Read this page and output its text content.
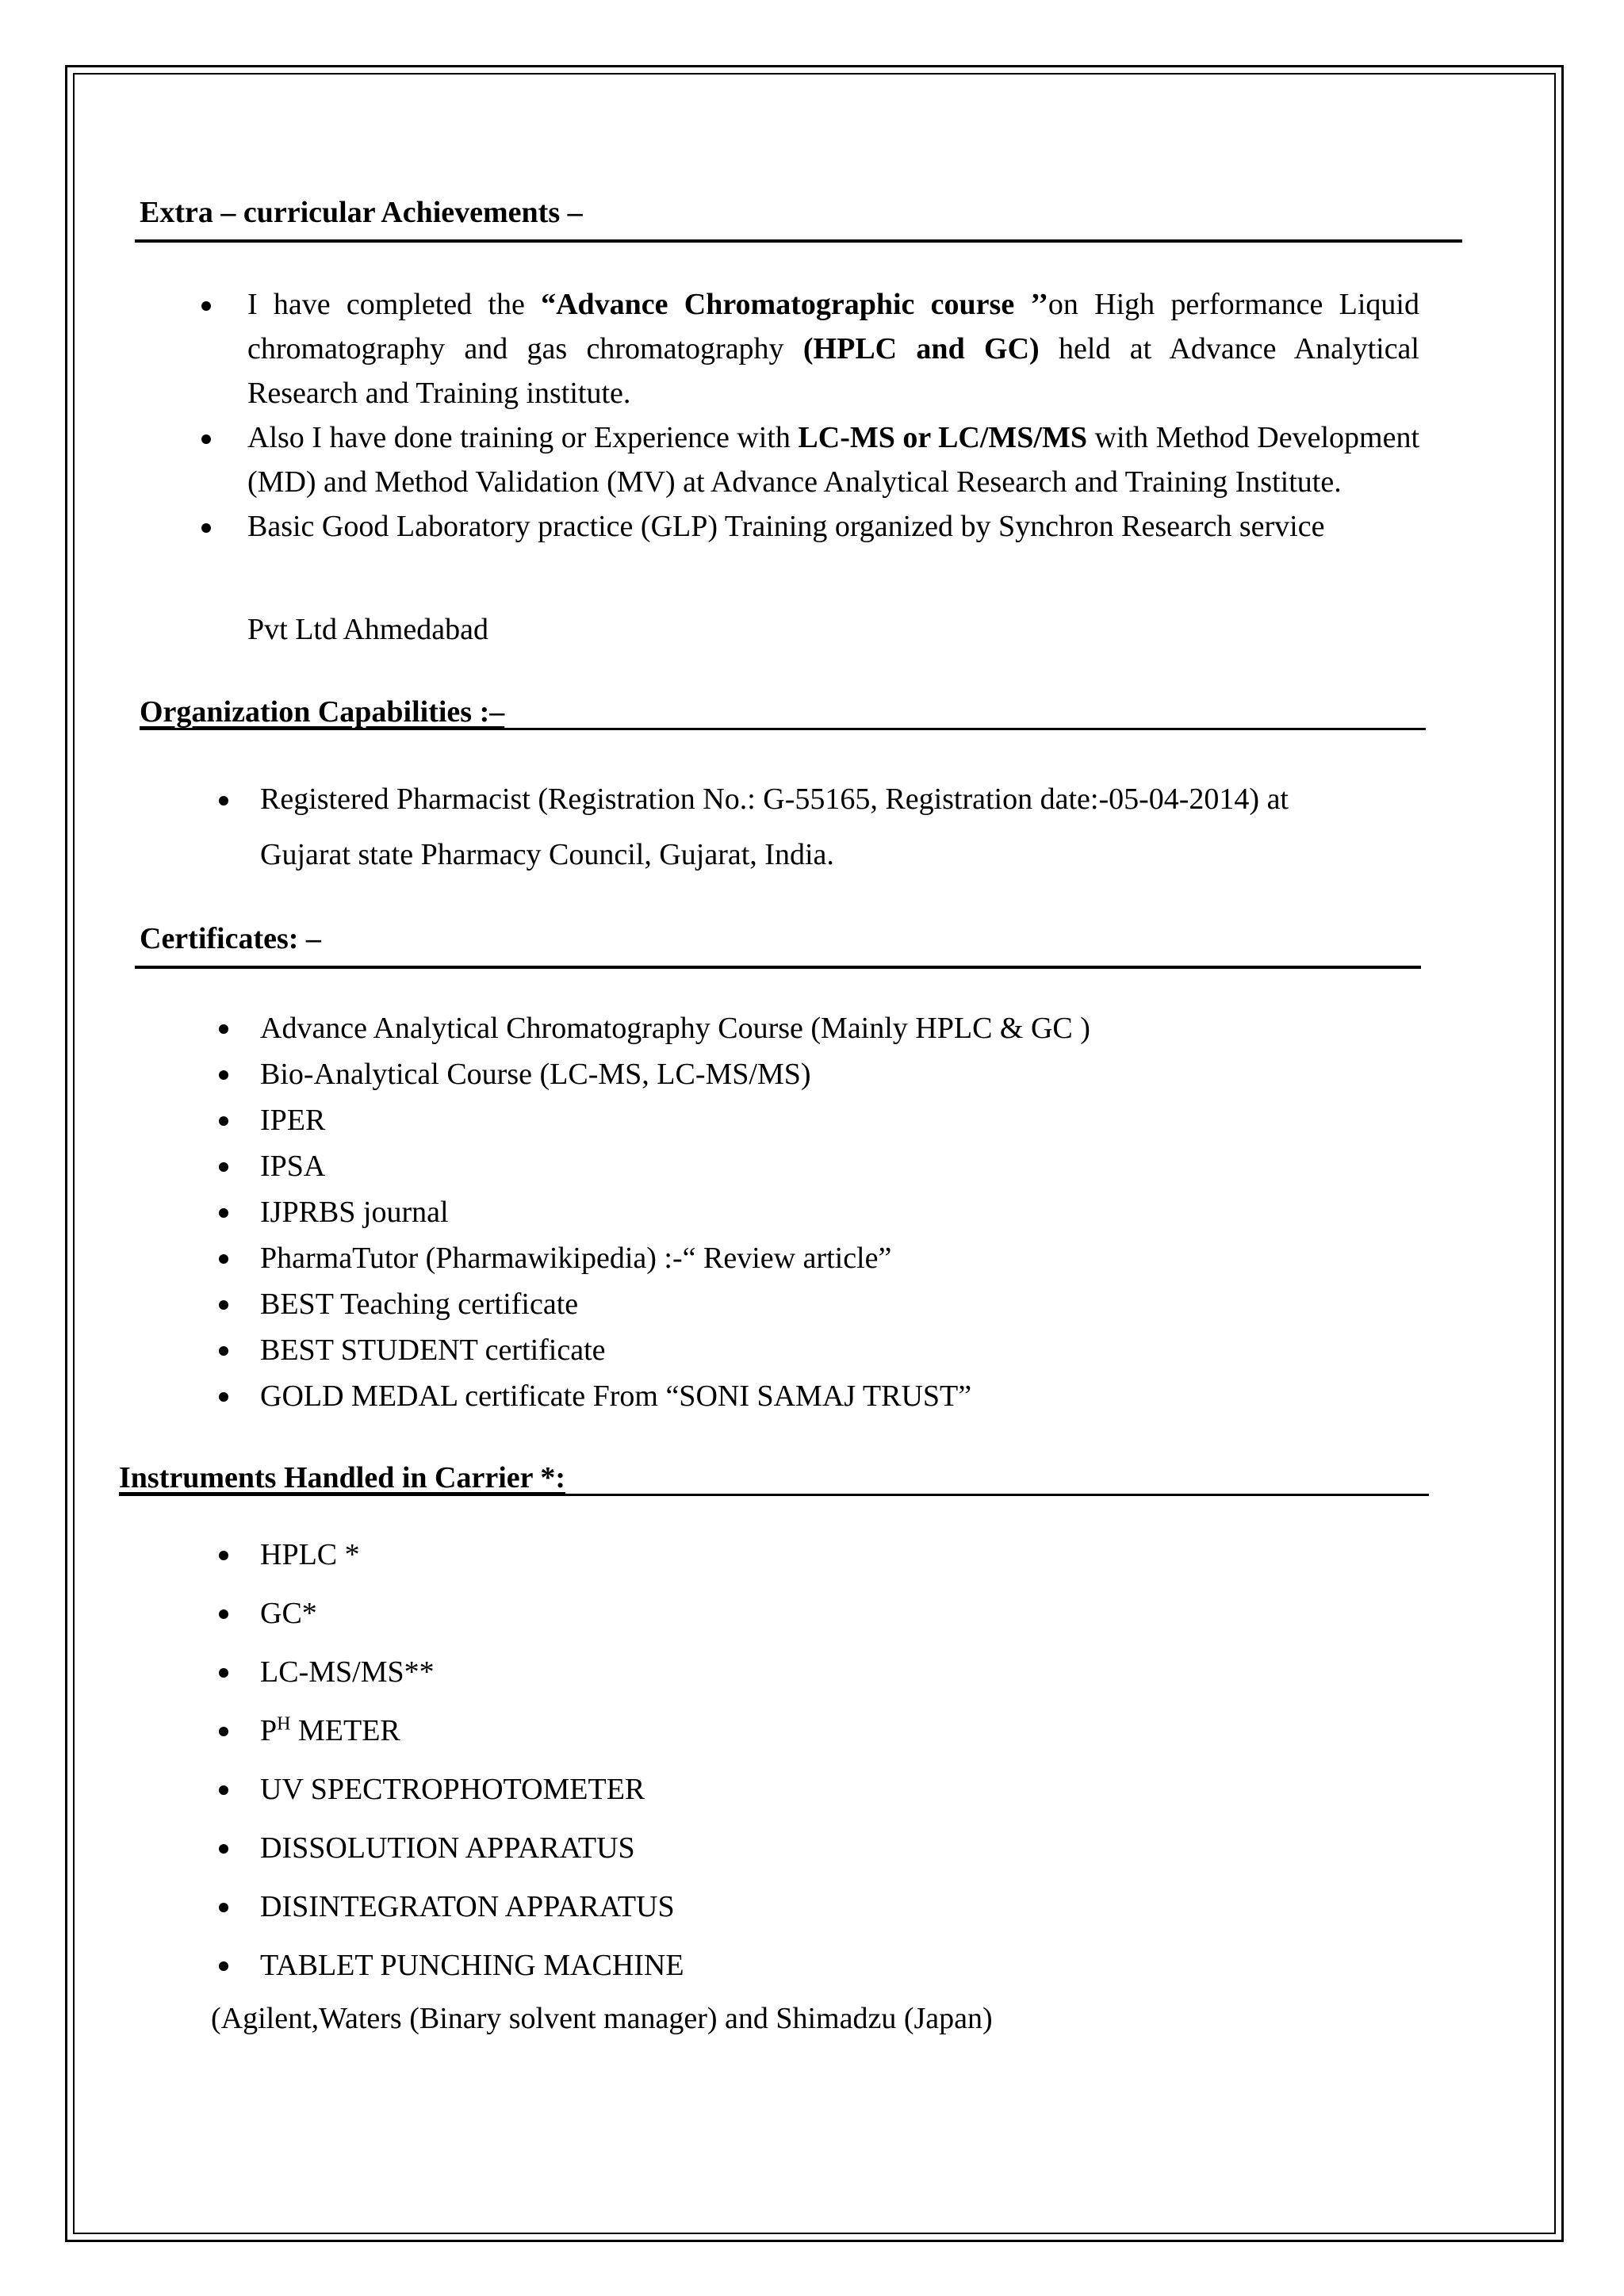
Extra – curricular Achievements –
I have completed the “Advance Chromatographic course ’’on High performance Liquid chromatography and gas chromatography (HPLC and GC) held at Advance Analytical Research and Training institute.
Also I have done training or Experience with LC-MS or LC/MS/MS with Method Development (MD) and Method Validation (MV) at Advance Analytical Research and Training Institute.
Basic Good Laboratory practice (GLP) Training organized by Synchron Research service
Pvt Ltd Ahmedabad
Organization Capabilities :–
Registered Pharmacist (Registration No.: G-55165, Registration date:-05-04-2014) at
Gujarat state Pharmacy Council, Gujarat, India.
Certificates: –
Advance Analytical Chromatography Course (Mainly HPLC & GC )
Bio-Analytical Course (LC-MS, LC-MS/MS)
IPER
IPSA
IJPRBS journal
PharmaTutor (Pharmawikipedia) :-“ Review article”
BEST Teaching certificate
BEST STUDENT certificate
GOLD MEDAL certificate From “SONI SAMAJ TRUST”
Instruments Handled in Carrier *:
HPLC *
GC*
LC-MS/MS**
$P^H$ METER
UV SPECTROPHOTOMETER
DISSOLUTION APPARATUS
DISINTEGRATON APPARATUS
TABLET PUNCHING MACHINE
(Agilent,Waters (Binary solvent manager) and Shimadzu (Japan)
